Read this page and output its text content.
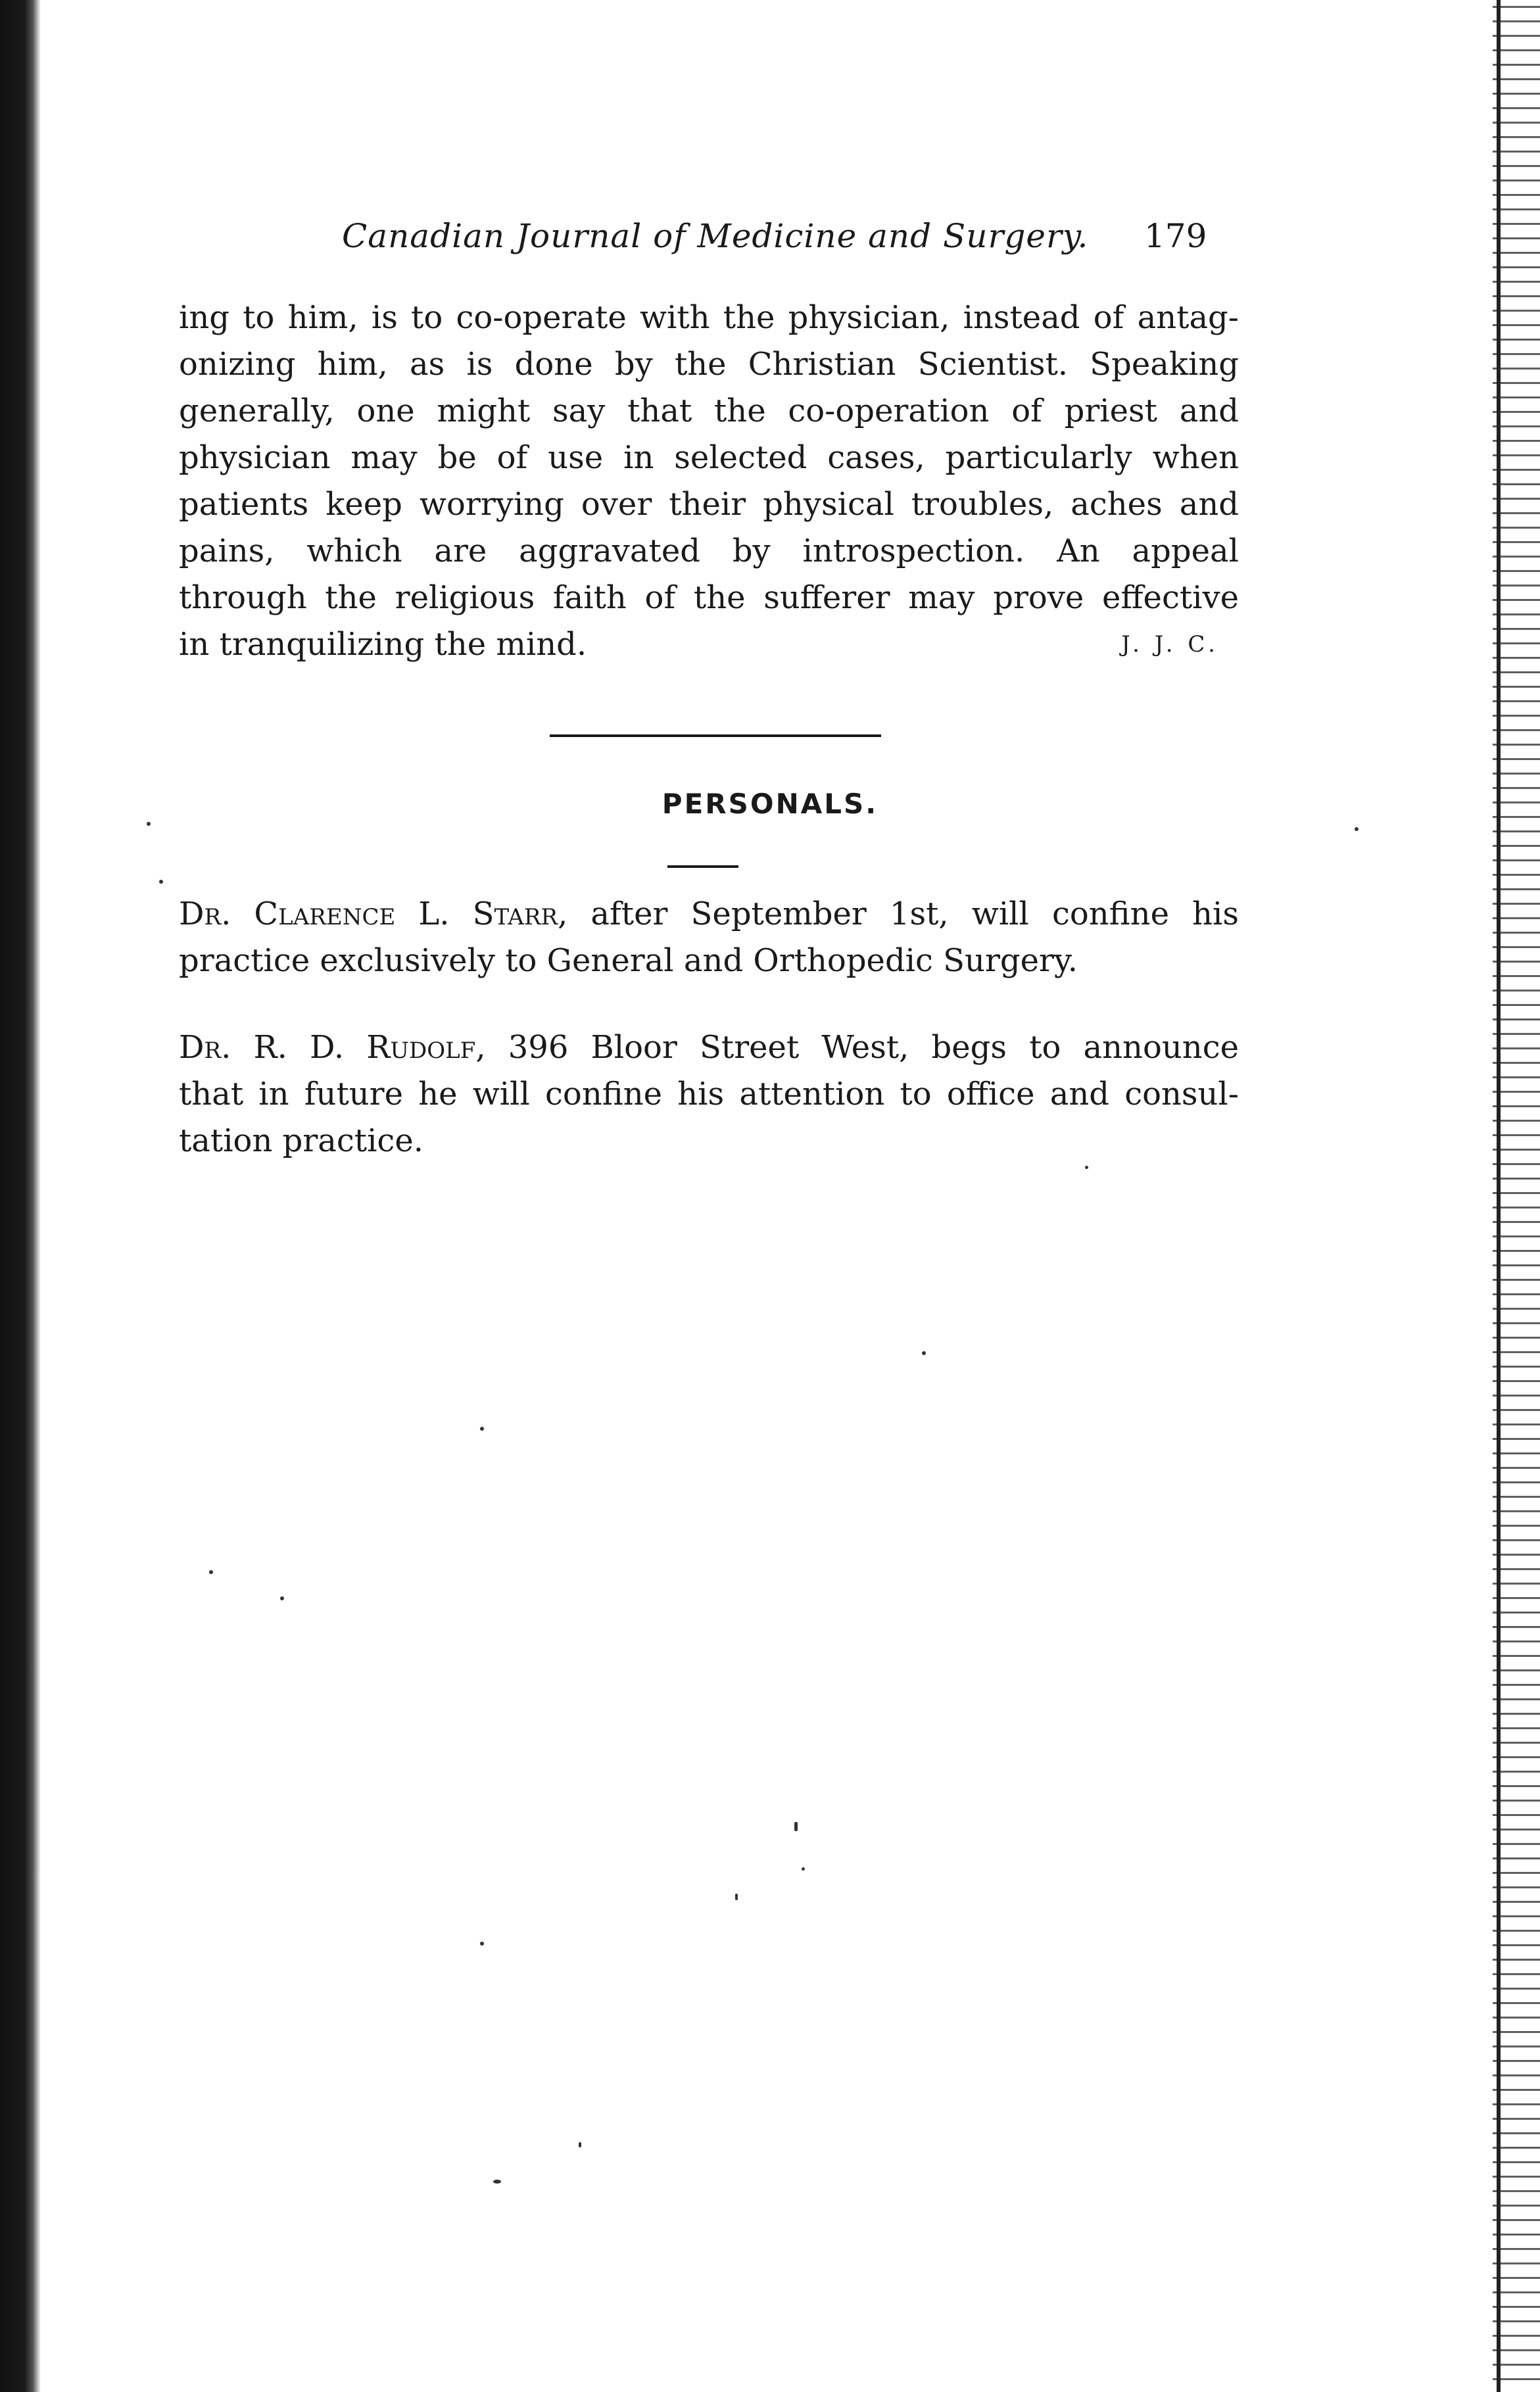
Canadian Journal of Medicine and Surgery. 179
ing to him, is to co-operate with the physician, instead of antag-
onizing him, as is done by the Christian Scientist. Speaking
generally, one might say that the co-operation of priest and
physician may be of use in selected cases, particularly when
patients keep worrying over their physical troubles, aches and
pains, which are aggravated by introspection. An appeal
through the religious faith of the sufferer may prove effective
in tranquilizing the mind.	J. J. C.
PERSONALS.
Dr. Clarence L. Starr, after September 1st, will confine his
practice exclusively to General and Orthopedic Surgery.
Dr. R. D. Rudolf, 396 Bloor Street West, begs to announce
that in future he will confine his attention to office and consul-
tation practice.
